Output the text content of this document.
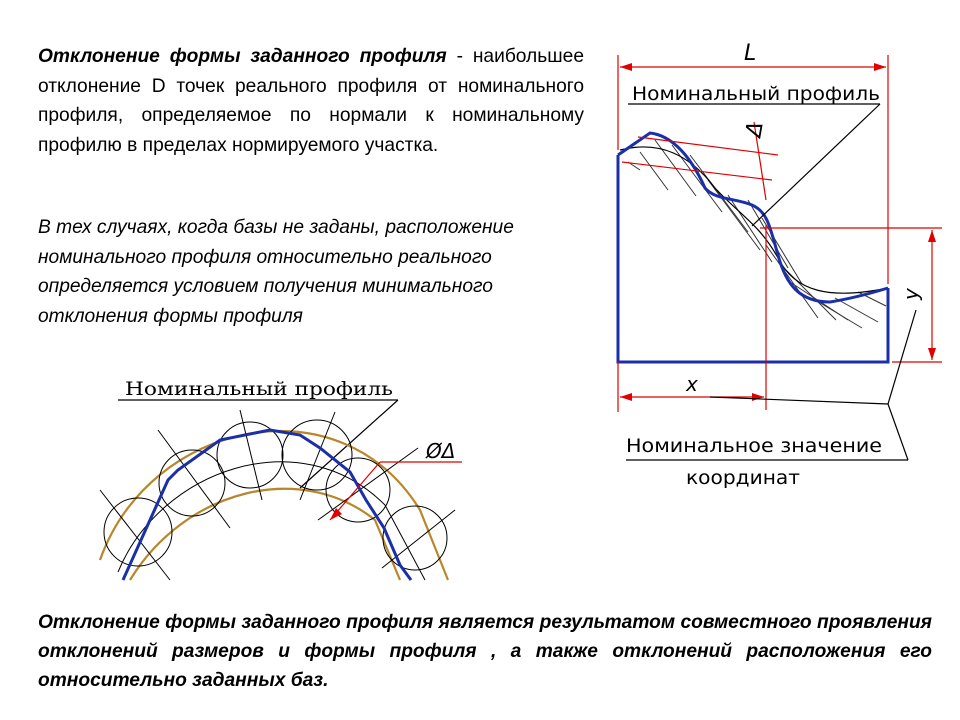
Отклонение формы заданного профиля - наибольшее отклонение D точек реального профиля от номинального профиля, определяемое по нормали к номинальному профилю в пределах нормируемого участка.
В тех случаях, когда базы не заданы, расположение номинального профиля относительно реального определяется условием получения минимального отклонения формы профиля
Отклонение формы заданного профиля является результатом совместного проявления отклонений размеров и формы профиля , а также отклонений расположения его относительно заданных баз.
Δ
L
Номинальный профиль
y
x
Номинальное значение
координат
Номинальный профиль
ØΔ
